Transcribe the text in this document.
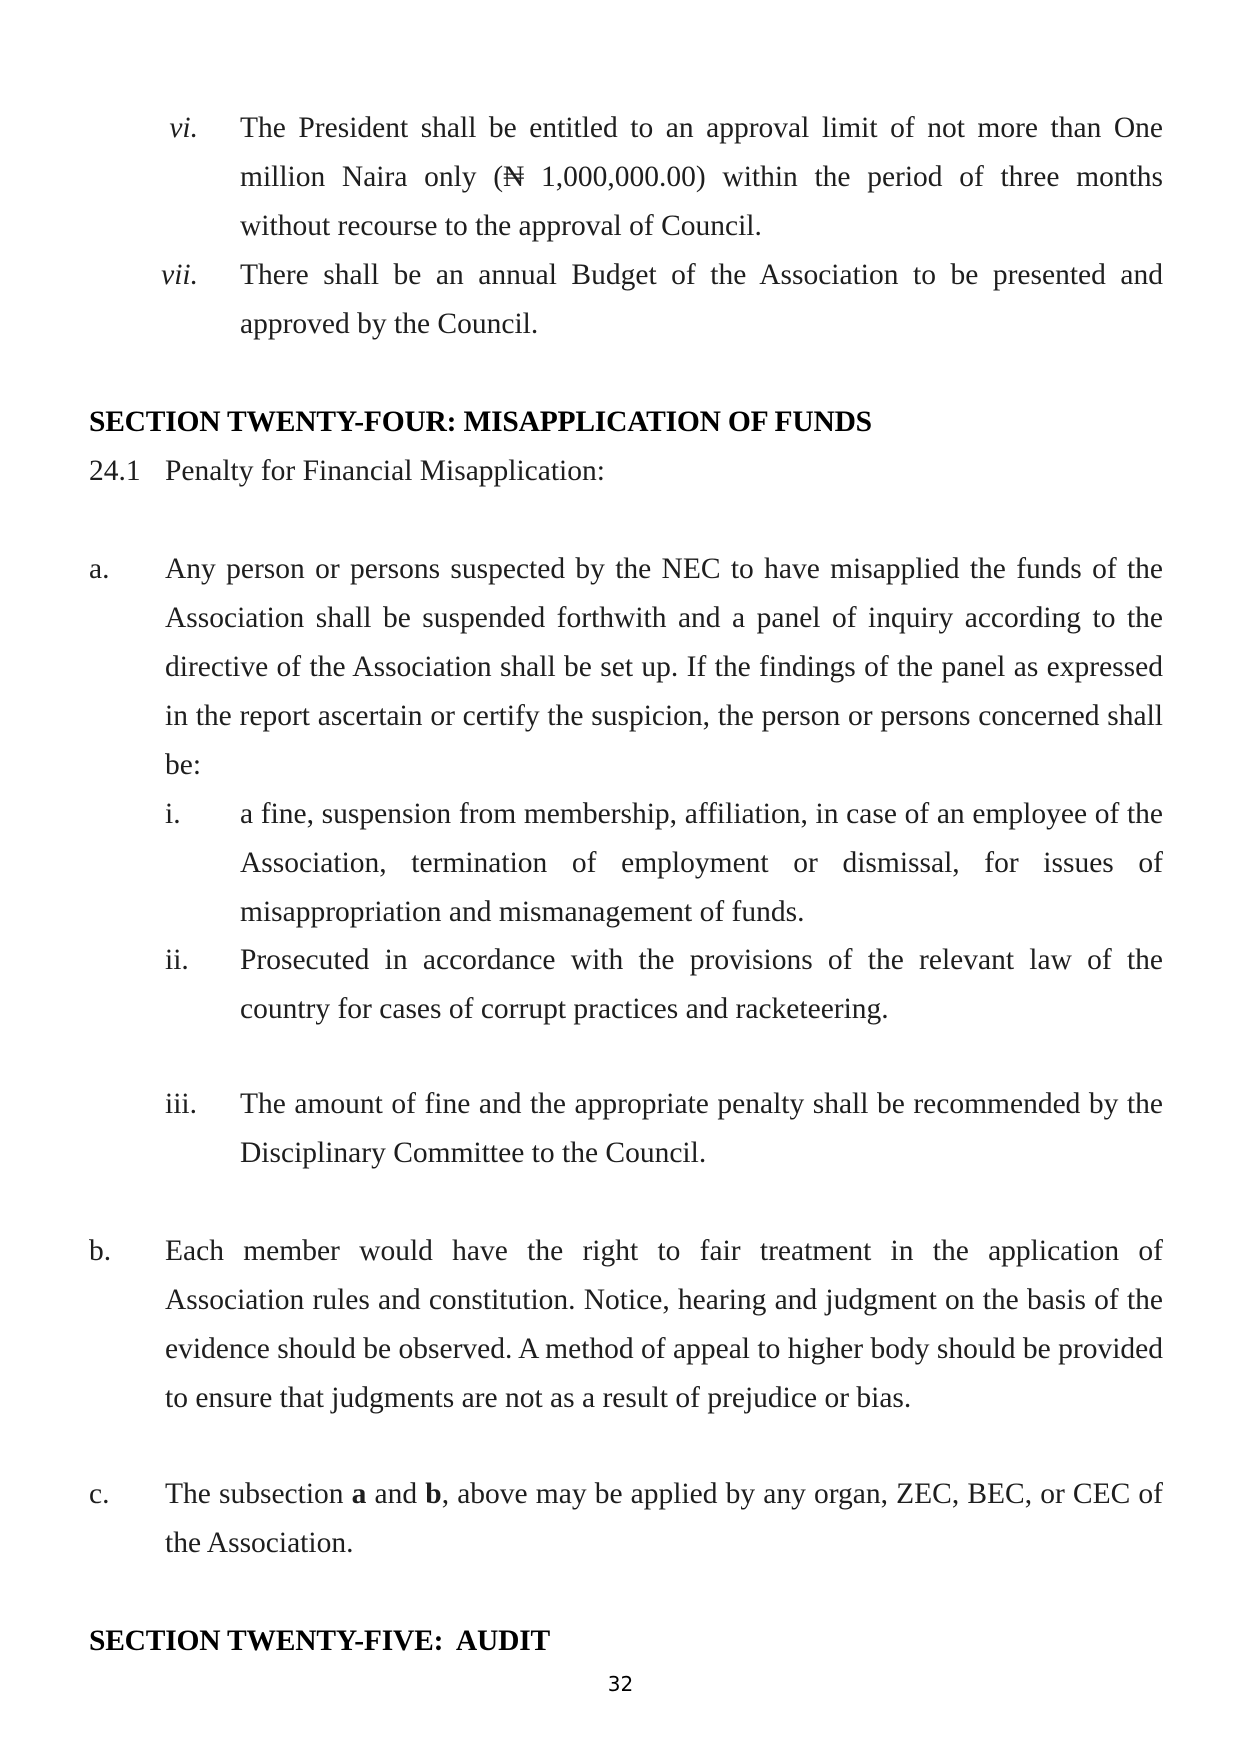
vi. The President shall be entitled to an approval limit of not more than One million Naira only (₦ 1,000,000.00) within the period of three months without recourse to the approval of Council.
vii. There shall be an annual Budget of the Association to be presented and approved by the Council.
SECTION TWENTY-FOUR: MISAPPLICATION OF FUNDS
24.1 Penalty for Financial Misapplication:
a. Any person or persons suspected by the NEC to have misapplied the funds of the Association shall be suspended forthwith and a panel of inquiry according to the directive of the Association shall be set up. If the findings of the panel as expressed in the report ascertain or certify the suspicion, the person or persons concerned shall be:
i. a fine, suspension from membership, affiliation, in case of an employee of the Association, termination of employment or dismissal, for issues of misappropriation and mismanagement of funds.
ii. Prosecuted in accordance with the provisions of the relevant law of the country for cases of corrupt practices and racketeering.
iii. The amount of fine and the appropriate penalty shall be recommended by the Disciplinary Committee to the Council.
b. Each member would have the right to fair treatment in the application of Association rules and constitution. Notice, hearing and judgment on the basis of the evidence should be observed. A method of appeal to higher body should be provided to ensure that judgments are not as a result of prejudice or bias.
c. The subsection a and b, above may be applied by any organ, ZEC, BEC, or CEC of the Association.
SECTION TWENTY-FIVE:  AUDIT
32
